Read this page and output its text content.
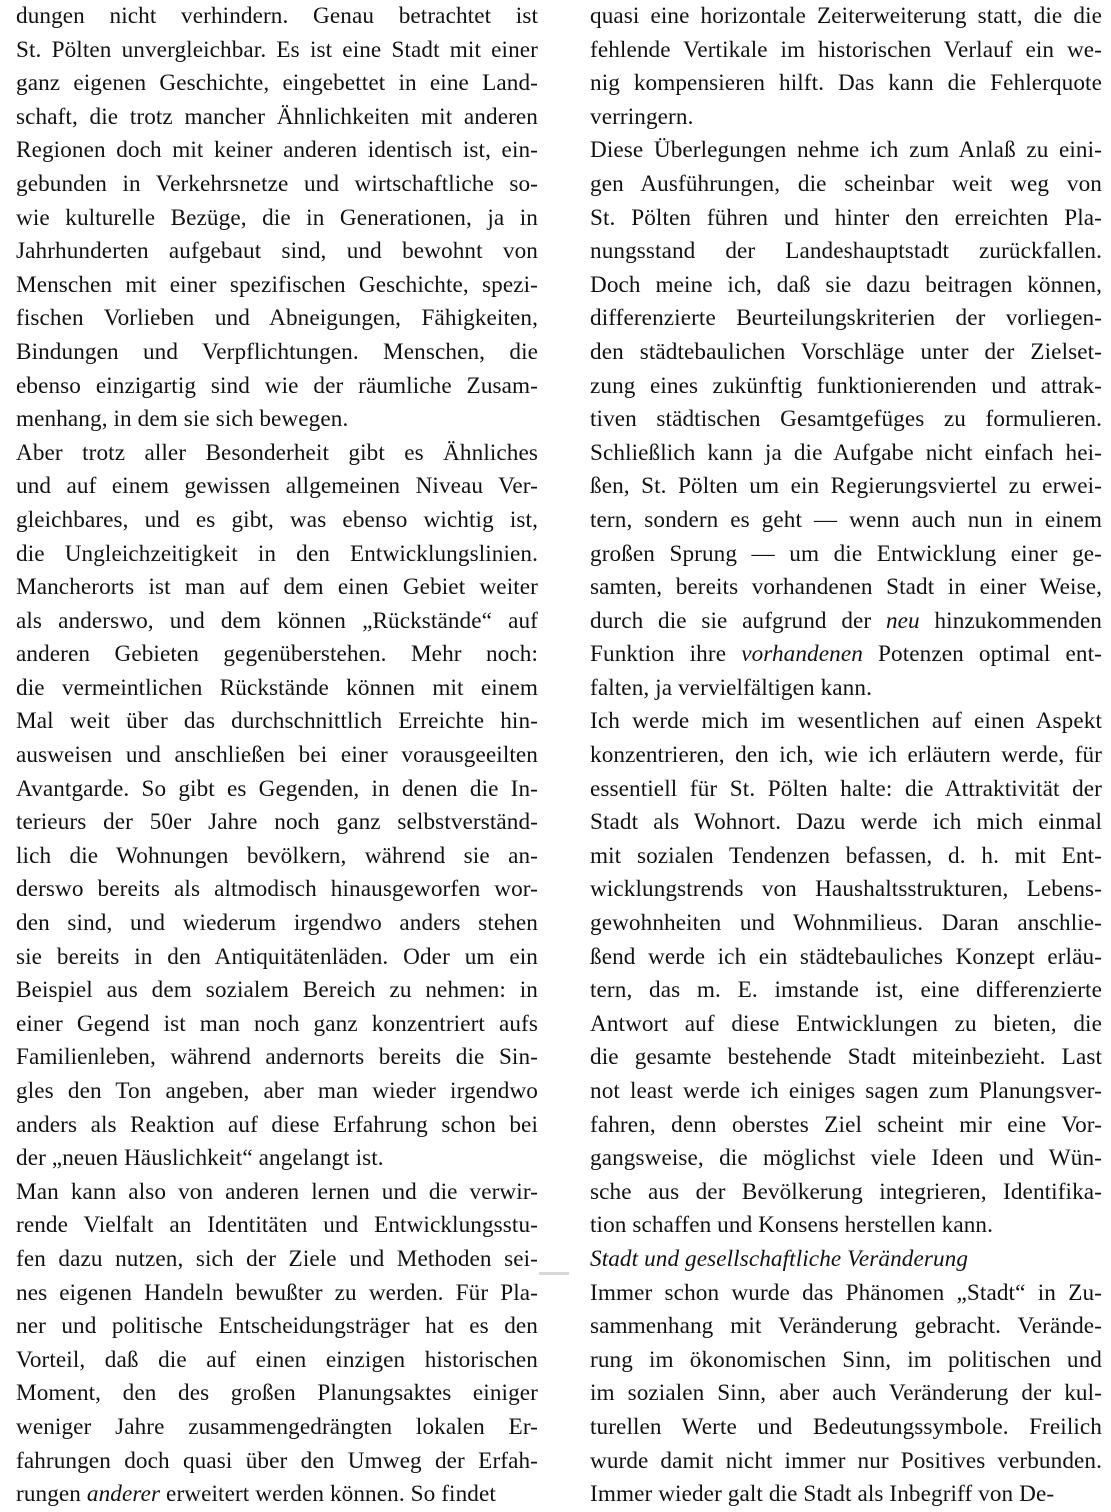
dungen nicht verhindern. Genau betrachtet ist
St. Pölten unvergleichbar. Es ist eine Stadt mit einer
ganz eigenen Geschichte, eingebettet in eine Land-
schaft, die trotz mancher Ähnlichkeiten mit anderen
Regionen doch mit keiner anderen identisch ist, ein-
gebunden in Verkehrsnetze und wirtschaftliche so-
wie kulturelle Bezüge, die in Generationen, ja in
Jahrhunderten aufgebaut sind, und bewohnt von
Menschen mit einer spezifischen Geschichte, spezi-
fischen Vorlieben und Abneigungen, Fähigkeiten,
Bindungen und Verpflichtungen. Menschen, die
ebenso einzigartig sind wie der räumliche Zusam-
menhang, in dem sie sich bewegen.
Aber trotz aller Besonderheit gibt es Ähnliches
und auf einem gewissen allgemeinen Niveau Ver-
gleichbares, und es gibt, was ebenso wichtig ist,
die Ungleichzeitigkeit in den Entwicklungslinien.
Mancherorts ist man auf dem einen Gebiet weiter
als anderswo, und dem können „Rückstände“ auf
anderen Gebieten gegenüberstehen. Mehr noch:
die vermeintlichen Rückstände können mit einem
Mal weit über das durchschnittlich Erreichte hin-
ausweisen und anschließen bei einer vorausgeeilten
Avantgarde. So gibt es Gegenden, in denen die In-
terieurs der 50er Jahre noch ganz selbstverständ-
lich die Wohnungen bevölkern, während sie an-
derswo bereits als altmodisch hinausgeworfen wor-
den sind, und wiederum irgendwo anders stehen
sie bereits in den Antiquitätenläden. Oder um ein
Beispiel aus dem sozialem Bereich zu nehmen: in
einer Gegend ist man noch ganz konzentriert aufs
Familienleben, während andernorts bereits die Sin-
gles den Ton angeben, aber man wieder irgendwo
anders als Reaktion auf diese Erfahrung schon bei
der „neuen Häuslichkeit“ angelangt ist.
Man kann also von anderen lernen und die verwir-
rende Vielfalt an Identitäten und Entwicklungsstu-
fen dazu nutzen, sich der Ziele und Methoden sei-
nes eigenen Handeln bewußter zu werden. Für Pla-
ner und politische Entscheidungsträger hat es den
Vorteil, daß die auf einen einzigen historischen
Moment, den des großen Planungsaktes einiger
weniger Jahre zusammengedrängten lokalen Er-
fahrungen doch quasi über den Umweg der Erfah-
rungen anderer erweitert werden können. So findet
quasi eine horizontale Zeiterweiterung statt, die die
fehlende Vertikale im historischen Verlauf ein we-
nig kompensieren hilft. Das kann die Fehlerquote
verringern.
Diese Überlegungen nehme ich zum Anlaß zu eini-
gen Ausführungen, die scheinbar weit weg von
St. Pölten führen und hinter den erreichten Pla-
nungsstand der Landeshauptstadt zurückfallen.
Doch meine ich, daß sie dazu beitragen können,
differenzierte Beurteilungskriterien der vorliegen-
den städtebaulichen Vorschläge unter der Zielset-
zung eines zukünftig funktionierenden und attrak-
tiven städtischen Gesamtgefüges zu formulieren.
Schließlich kann ja die Aufgabe nicht einfach hei-
ßen, St. Pölten um ein Regierungsviertel zu erwei-
tern, sondern es geht — wenn auch nun in einem
großen Sprung — um die Entwicklung einer ge-
samten, bereits vorhandenen Stadt in einer Weise,
durch die sie aufgrund der neu hinzukommenden
Funktion ihre vorhandenen Potenzen optimal ent-
falten, ja vervielfältigen kann.
Ich werde mich im wesentlichen auf einen Aspekt
konzentrieren, den ich, wie ich erläutern werde, für
essentiell für St. Pölten halte: die Attraktivität der
Stadt als Wohnort. Dazu werde ich mich einmal
mit sozialen Tendenzen befassen, d. h. mit Ent-
wicklungstrends von Haushaltsstrukturen, Lebens-
gewohnheiten und Wohnmilieus. Daran anschlie-
ßend werde ich ein städtebauliches Konzept erläu-
tern, das m. E. imstande ist, eine differenzierte
Antwort auf diese Entwicklungen zu bieten, die
die gesamte bestehende Stadt miteinbezieht. Last
not least werde ich einiges sagen zum Planungsver-
fahren, denn oberstes Ziel scheint mir eine Vor-
gangsweise, die möglichst viele Ideen und Wün-
sche aus der Bevölkerung integrieren, Identifika-
tion schaffen und Konsens herstellen kann.
Stadt und gesellschaftliche Veränderung
Immer schon wurde das Phänomen „Stadt“ in Zu-
sammenhang mit Veränderung gebracht. Verände-
rung im ökonomischen Sinn, im politischen und
im sozialen Sinn, aber auch Veränderung der kul-
turellen Werte und Bedeutungssymbole. Freilich
wurde damit nicht immer nur Positives verbunden.
Immer wieder galt die Stadt als Inbegriff von De-
